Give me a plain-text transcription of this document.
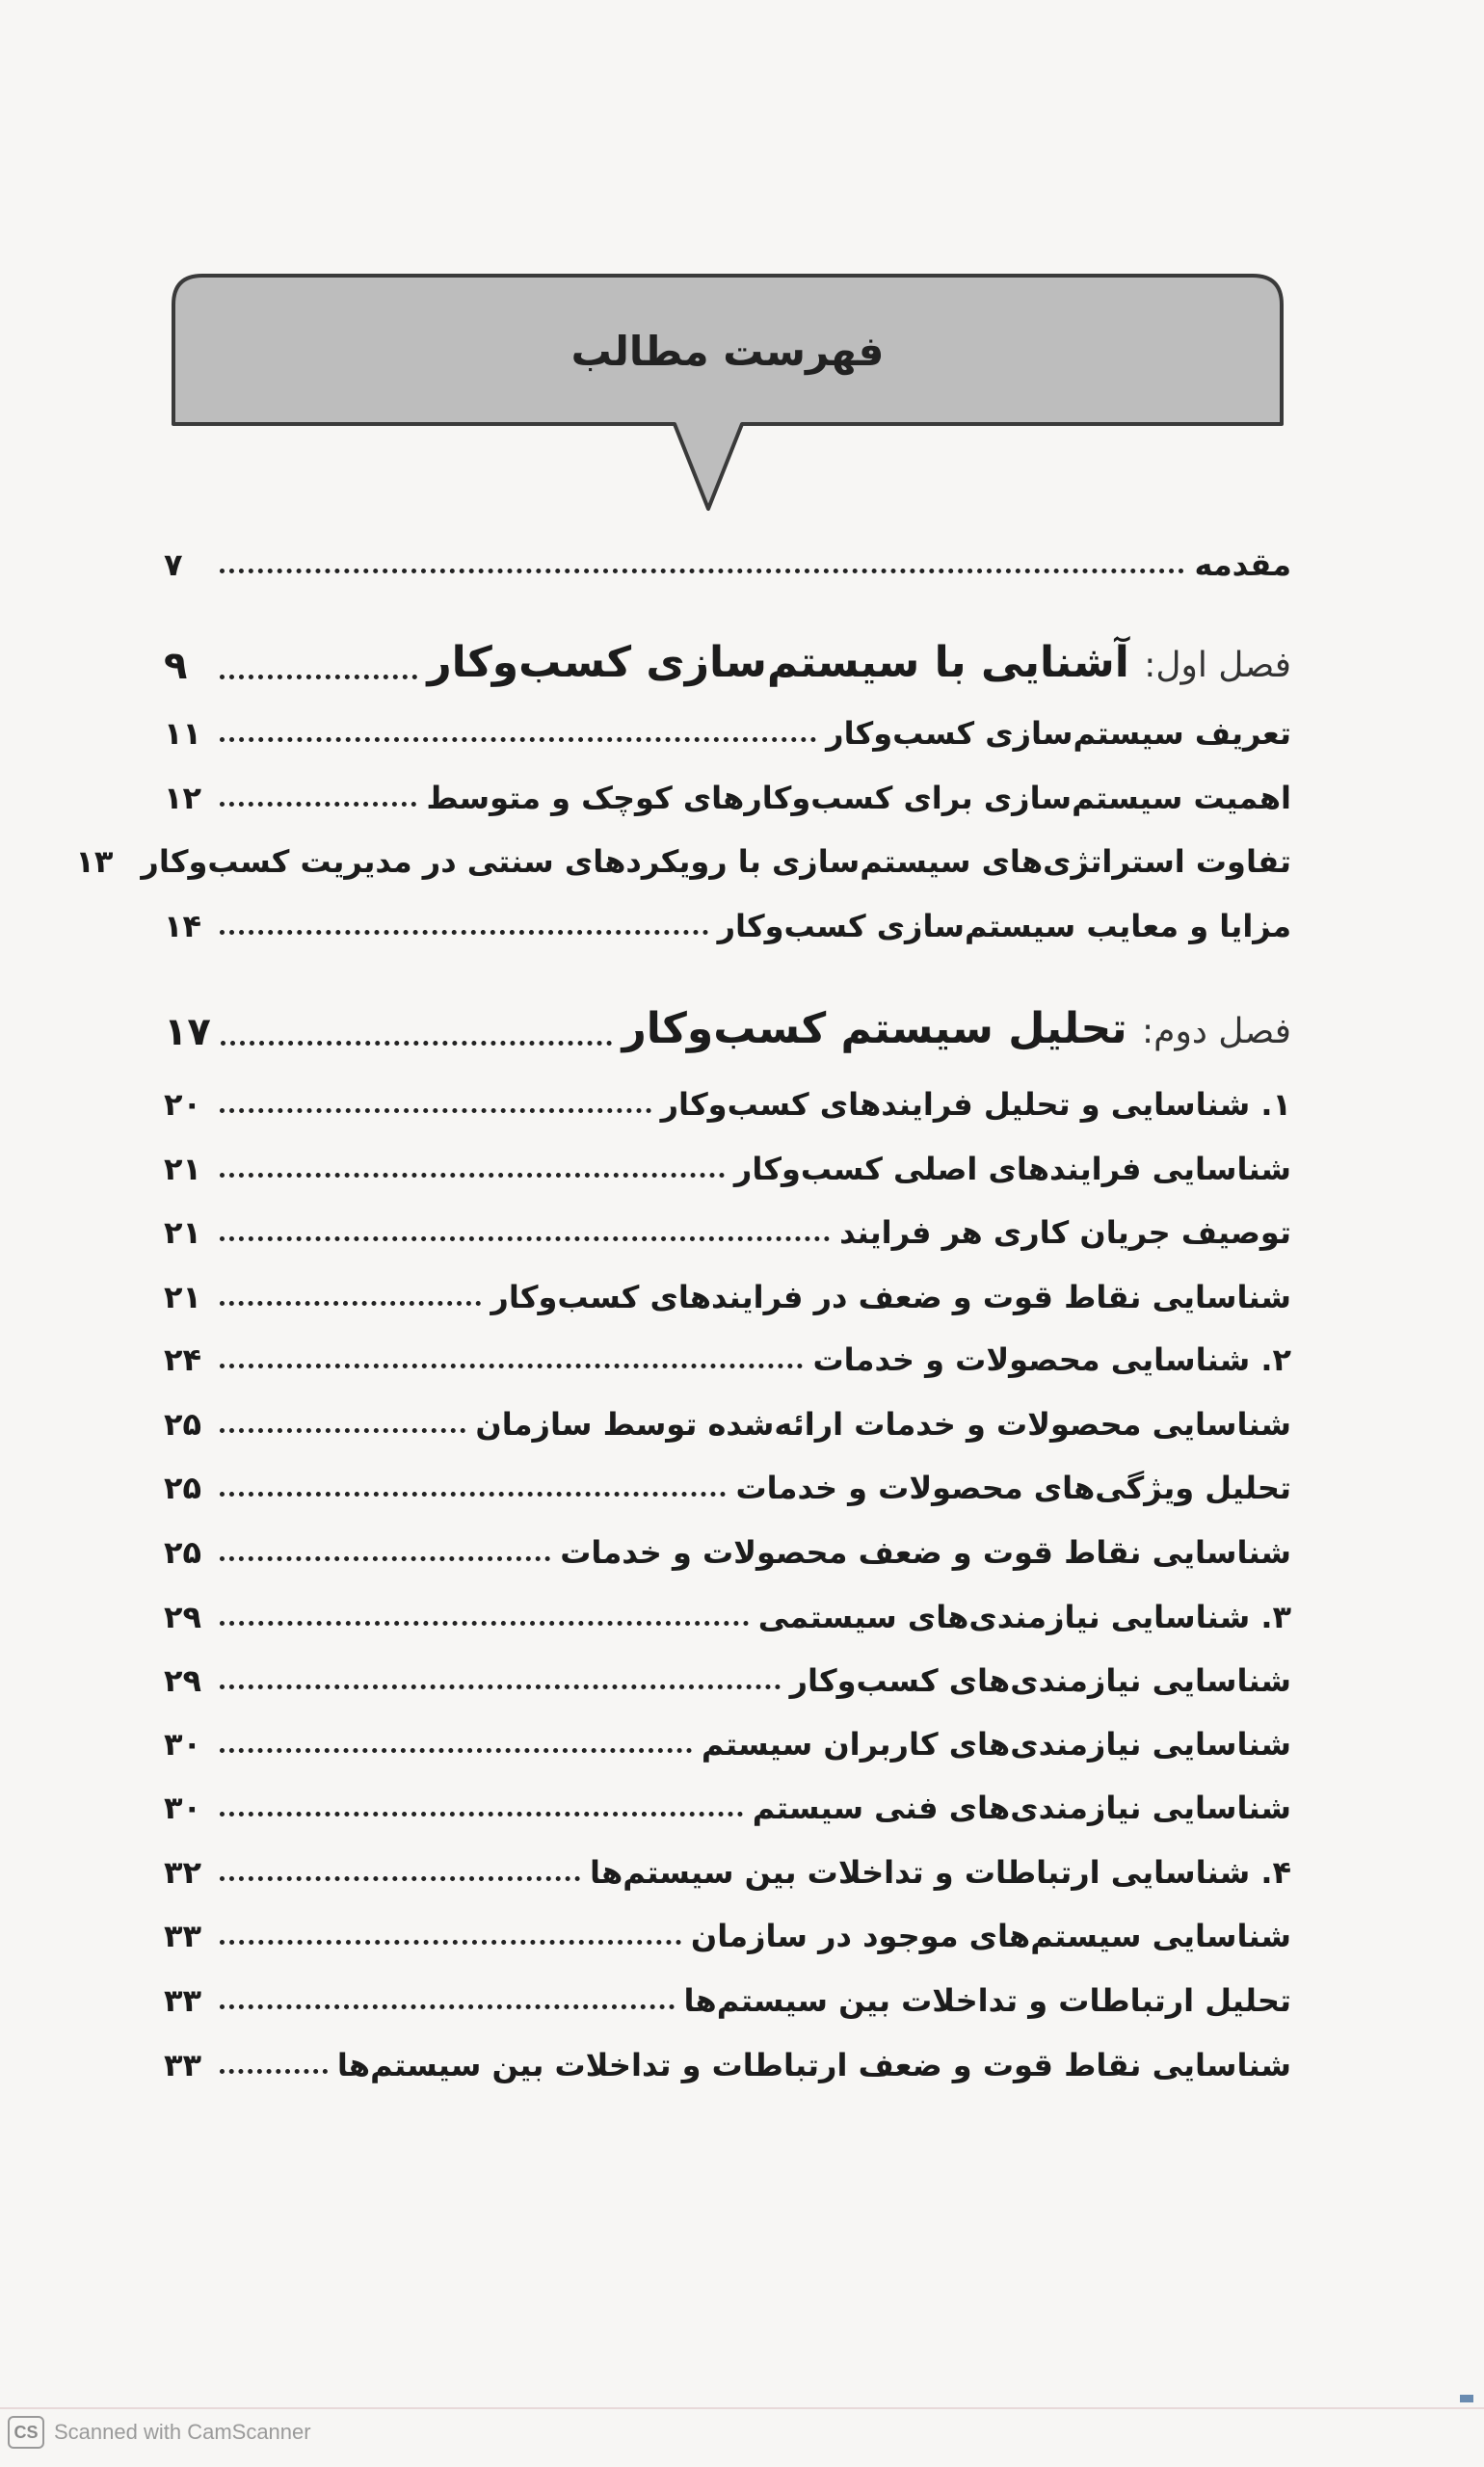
فهرست مطالب
مقدمه
۷
فصل اول: آشنایی با سیستم‌سازی کسب‌وکار
۹
تعریف سیستم‌سازی کسب‌وکار
۱۱
اهمیت سیستم‌سازی برای کسب‌وکارهای کوچک و متوسط
۱۲
تفاوت استراتژی‌های سیستم‌سازی با رویکردهای سنتی در مدیریت کسب‌وکار
۱۳
مزایا و معایب سیستم‌سازی کسب‌وکار
۱۴
فصل دوم: تحلیل سیستم کسب‌وکار
۱۷
۱. شناسایی و تحلیل فرایندهای کسب‌وکار
۲۰
شناسایی فرایندهای اصلی کسب‌وکار
۲۱
توصیف جریان کاری هر فرایند
۲۱
شناسایی نقاط قوت و ضعف در فرایندهای کسب‌وکار
۲۱
۲. شناسایی محصولات و خدمات
۲۴
شناسایی محصولات و خدمات ارائه‌شده توسط سازمان
۲۵
تحلیل ویژگی‌های محصولات و خدمات
۲۵
شناسایی نقاط قوت و ضعف محصولات و خدمات
۲۵
۳. شناسایی نیازمندی‌های سیستمی
۲۹
شناسایی نیازمندی‌های کسب‌وکار
۲۹
شناسایی نیازمندی‌های کاربران سیستم
۳۰
شناسایی نیازمندی‌های فنی سیستم
۳۰
۴. شناسایی ارتباطات و تداخلات بین سیستم‌ها
۳۲
شناسایی سیستم‌های موجود در سازمان
۳۳
تحلیل ارتباطات و تداخلات بین سیستم‌ها
۳۳
شناسایی نقاط قوت و ضعف ارتباطات و تداخلات بین سیستم‌ها
۳۳
CS Scanned with CamScanner
